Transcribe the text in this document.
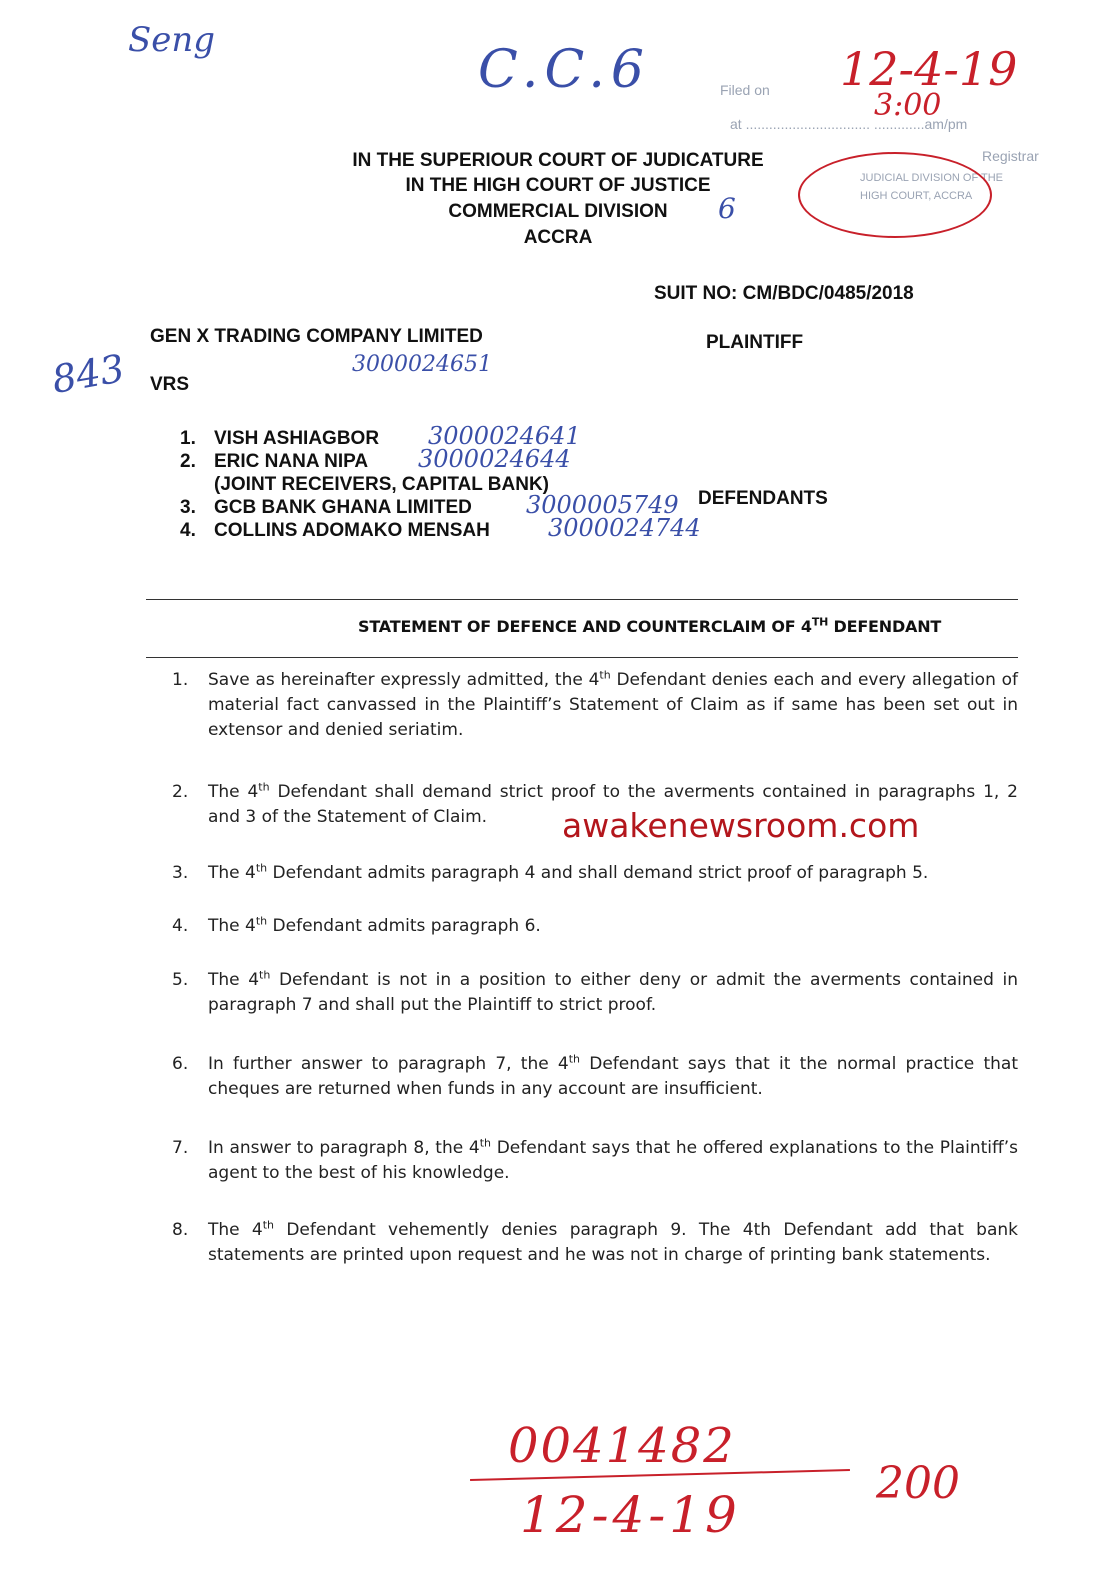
Seng	C.C.6
843
Filed on
at ................................ .............am/pm
Registrar
JUDICIAL DIVISION OF THE
HIGH COURT, ACCRA
12-4-19
3:00
IN THE SUPERIOUR COURT OF JUDICATURE
IN THE HIGH COURT OF JUSTICE
COMMERCIAL DIVISION	6
ACCRA
SUIT NO: CM/BDC/0485/2018
GEN X TRADING COMPANY LIMITED	PLAINTIFF
3000024651
VRS
1. VISH ASHIAGBOR 3000024641
2. ERIC NANA NIPA 3000024644
(JOINT RECEIVERS, CAPITAL BANK)
3. GCB BANK GHANA LIMITED 3000005749
4. COLLINS ADOMAKO MENSAH 3000024744
DEFENDANTS
STATEMENT OF DEFENCE AND COUNTERCLAIM OF 4TH DEFENDANT
1.	Save as hereinafter expressly admitted, the 4th Defendant denies each and every allegation of material fact canvassed in the Plaintiff’s Statement of Claim as if same has been set out in extensor and denied seriatim.
2.	The 4th Defendant shall demand strict proof to the averments contained in paragraphs 1, 2 and 3 of the Statement of Claim.	awakenewsroom.com
3.	The 4th Defendant admits paragraph 4 and shall demand strict proof of paragraph 5.
4.	The 4th Defendant admits paragraph 6.
5.	The 4th Defendant is not in a position to either deny or admit the averments contained in paragraph 7 and shall put the Plaintiff to strict proof.
6.	In further answer to paragraph 7, the 4th Defendant says that it the normal practice that cheques are returned when funds in any account are insufficient.
7.	In answer to paragraph 8, the 4th Defendant says that he offered explanations to the Plaintiff’s agent to the best of his knowledge.
8.	The 4th Defendant vehemently denies paragraph 9. The 4th Defendant add that bank statements are printed upon request and he was not in charge of printing bank statements.
0041482
12-4-19
200
